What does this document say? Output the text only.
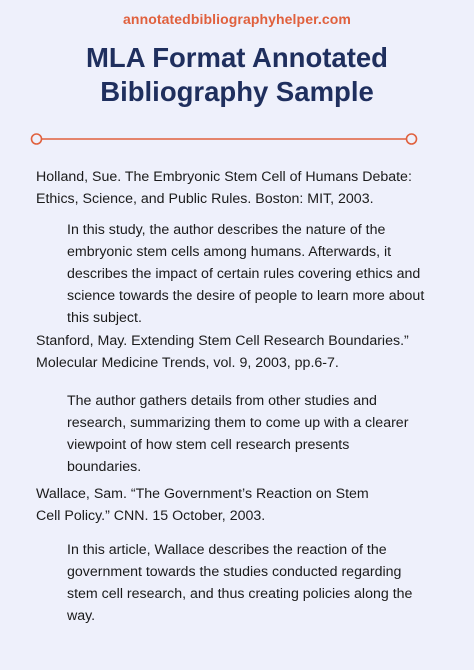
annotatedbibliographyhelper.com
MLA Format Annotated
Bibliography Sample
Holland, Sue. The Embryonic Stem Cell of Humans Debate:
Ethics, Science, and Public Rules. Boston: MIT, 2003.
In this study, the author describes the nature of the
embryonic stem cells among humans. Afterwards, it
describes the impact of certain rules covering ethics and
science towards the desire of people to learn more about
this subject.
Stanford, May. Extending Stem Cell Research Boundaries.”
Molecular Medicine Trends, vol. 9, 2003, pp.6-7.
The author gathers details from other studies and
research, summarizing them to come up with a clearer
viewpoint of how stem cell research presents
boundaries.
Wallace, Sam. “The Government’s Reaction on Stem
Cell Policy.” CNN. 15 October, 2003.
In this article, Wallace describes the reaction of the
government towards the studies conducted regarding
stem cell research, and thus creating policies along the
way.
